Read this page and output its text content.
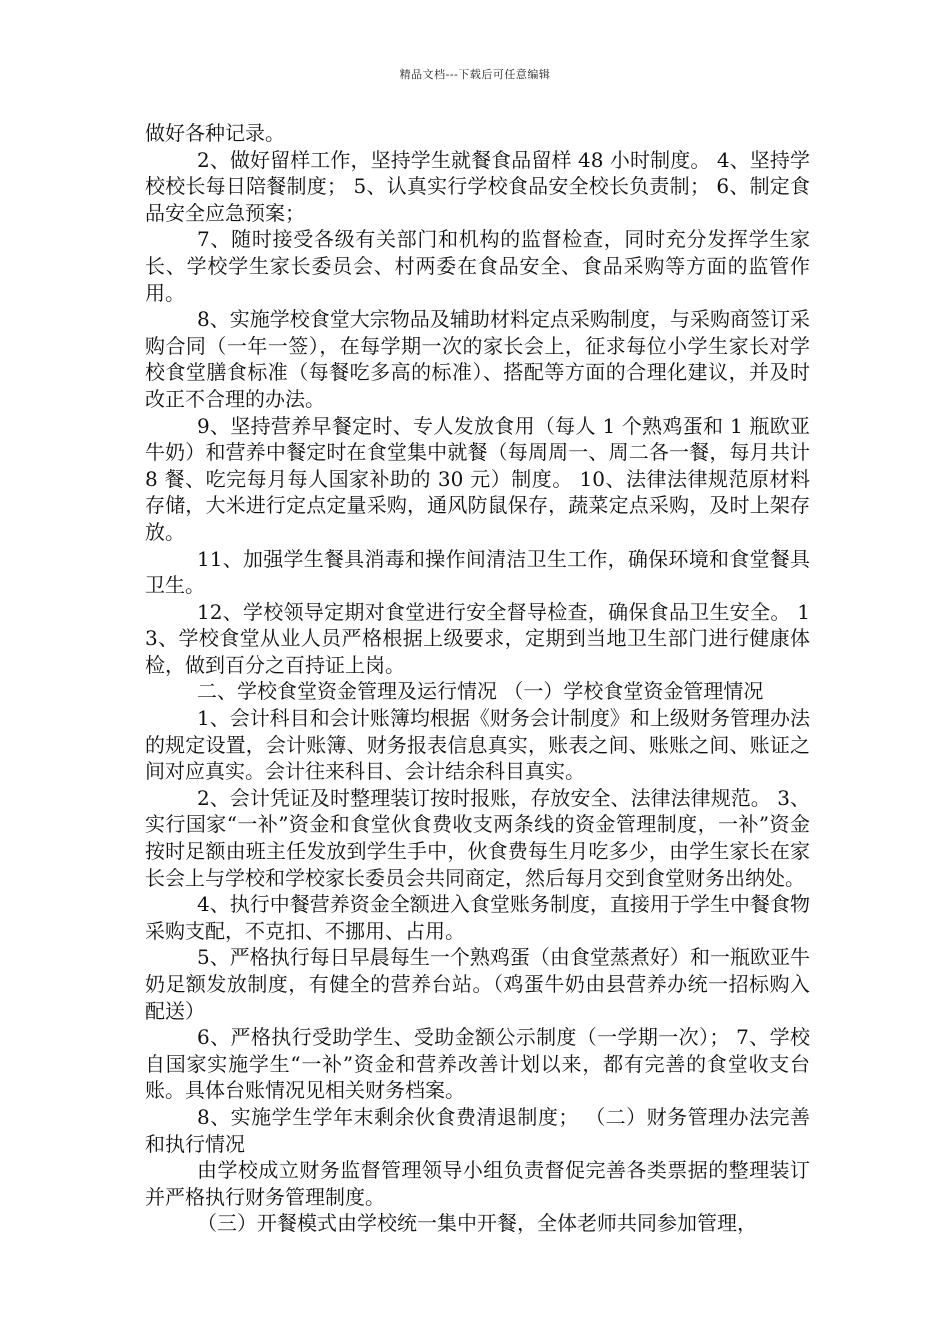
精品文档---下载后可任意编辑

做好各种记录。

2、做好留样工作，坚持学生就餐食品留样 48 小时制度。 4、坚持学校校长每日陪餐制度； 5、认真实行学校食品安全校长负责制； 6、制定食品安全应急预案；

7、随时接受各级有关部门和机构的监督检查，同时充分发挥学生家长、学校学生家长委员会、村两委在食品安全、食品采购等方面的监管作用。

8、实施学校食堂大宗物品及辅助材料定点采购制度，与采购商签订采购合同（一年一签），在每学期一次的家长会上，征求每位小学生家长对学校食堂膳食标准（每餐吃多高的标准）、搭配等方面的合理化建议，并及时改正不合理的办法。

9、坚持营养早餐定时、专人发放食用（每人 1 个熟鸡蛋和 1 瓶欧亚牛奶）和营养中餐定时在食堂集中就餐（每周周一、周二各一餐，每月共计 8 餐、吃完每月每人国家补助的 30 元）制度。 10、法律法律规范原材料存储，大米进行定点定量采购，通风防鼠保存，蔬菜定点采购，及时上架存放。

11、加强学生餐具消毒和操作间清洁卫生工作，确保环境和食堂餐具卫生。

12、学校领导定期对食堂进行安全督导检查，确保食品卫生安全。 13、学校食堂从业人员严格根据上级要求，定期到当地卫生部门进行健康体检，做到百分之百持证上岗。

二、学校食堂资金管理及运行情况 （一）学校食堂资金管理情况

1、会计科目和会计账簿均根据《财务会计制度》和上级财务管理办法的规定设置，会计账簿、财务报表信息真实，账表之间、账账之间、账证之间对应真实。会计往来科目、会计结余科目真实。

2、会计凭证及时整理装订按时报账，存放安全、法律法律规范。 3、实行国家“一补”资金和食堂伙食费收支两条线的资金管理制度，一补”资金按时足额由班主任发放到学生手中，伙食费每生月吃多少，由学生家长在家长会上与学校和学校家长委员会共同商定，然后每月交到食堂财务出纳处。

4、执行中餐营养资金全额进入食堂账务制度，直接用于学生中餐食物采购支配，不克扣、不挪用、占用。

5、严格执行每日早晨每生一个熟鸡蛋（由食堂蒸煮好）和一瓶欧亚牛奶足额发放制度，有健全的营养台站。（鸡蛋牛奶由县营养办统一招标购入配送）

6、严格执行受助学生、受助金额公示制度（一学期一次）； 7、学校自国家实施学生“一补”资金和营养改善计划以来，都有完善的食堂收支台账。具体台账情况见相关财务档案。

8、实施学生学年末剩余伙食费清退制度； （二）财务管理办法完善和执行情况

由学校成立财务监督管理领导小组负责督促完善各类票据的整理装订并严格执行财务管理制度。

（三）开餐模式由学校统一集中开餐，全体老师共同参加管理，
